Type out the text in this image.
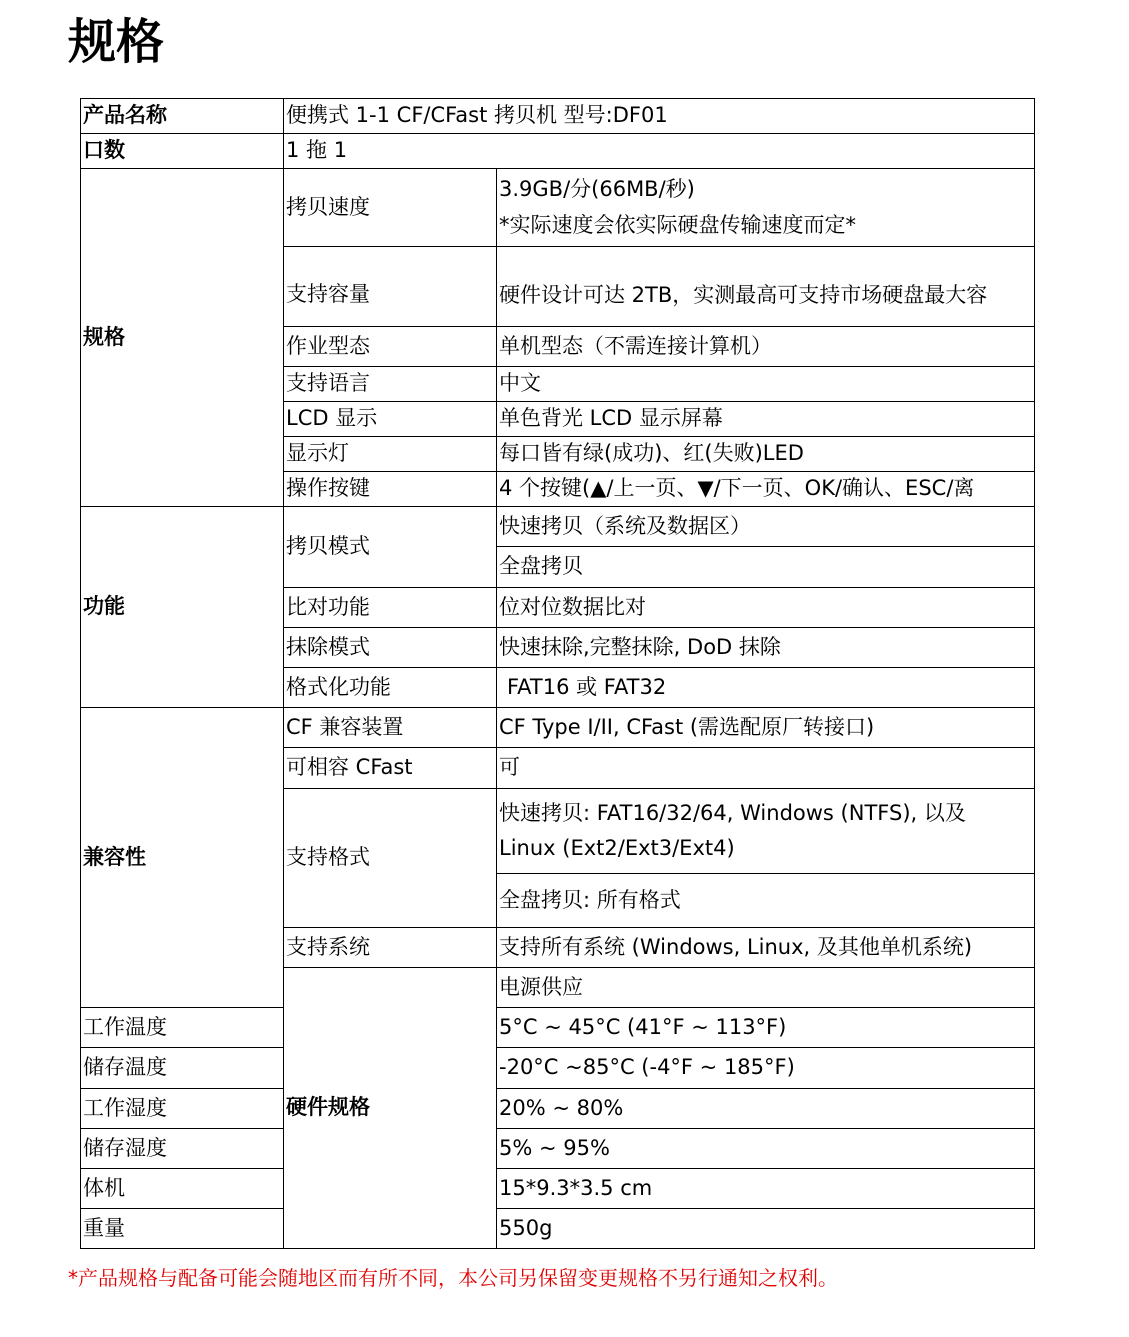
规格
产品名称	便携式 1-1 CF/CFast 拷贝机 型号:DF01		
口数	1 拖 1		
规格	拷贝速度	3.9GB/分(66MB/秒)
*实际速度会依实际硬盘传输速度而定*	

	支持容量	硬件设计可达 2TB，实测最高可支持市场硬盘最大容	
	作业型态	单机型态（不需连接计算机）	
	支持语言	中文	
	LCD 显示	单色背光 LCD 显示屏幕	
	显示灯	每口皆有绿(成功)、红(失败)LED	
	操作按键	4 个按键(▲/上一页、▼/下一页、OK/确认、ESC/离	
功能	拷贝模式	快速拷贝（系统及数据区）	
		全盘拷贝	
	比对功能	位对位数据比对	
	抹除模式	快速抹除,完整抹除, DoD 抹除	
	格式化功能	FAT16 或 FAT32	
兼容性	CF 兼容装置	CF Type I/II, CFast (需选配原厂转接口)	
	可相容 CFast	可	
	支持格式	快速拷贝: FAT16/32/64, Windows (NTFS), 以及
Linux (Ext2/Ext3/Ext4)	

		全盘拷贝: 所有格式	
	支持系统	支持所有系统 (Windows, Linux, 及其他单机系统)	
	硬件规格	电源供应	
工作温度		5°C ~ 45°C (41°F ~ 113°F)	
储存温度		-20°C ~85°C (-4°F ~ 185°F)	
工作湿度		20% ~ 80%	
储存湿度		5% ~ 95%	
体机		15*9.3*3.5 cm	
重量		550g	
*产品规格与配备可能会随地区而有所不同，本公司另保留变更规格不另行通知之权利。
